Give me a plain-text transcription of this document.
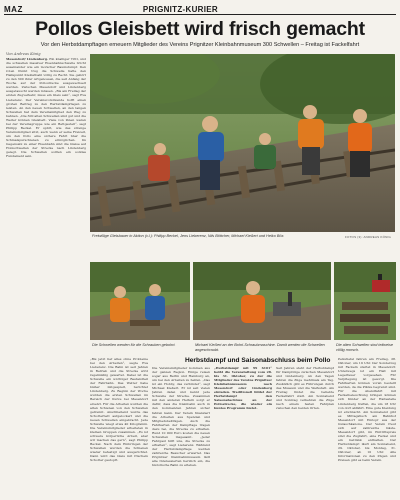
MAZ	PRIGNITZ-KURIER
Pollos Gleisbett wird frisch gemacht
Vor den Herbstdampftagen erneuern Mitglieder des Vereins Prignitzer Kleinbahnmuseum 300 Schwellen – Freitag ist Fackelfahrt
Von Andreas König
Mesendorf/ Lindenberg. Ein knalliger Tritt, und die schwellen massiver Eisenbahnschwelle bricht auseinander wie ein morscher Baumstumpf. Den roten Punkt trug die Schwelle hatte den Hallspunkt Kleinstbahl völlig zu Recht. Sie gehört zu den 300 ihrer Artgenossen, die seit Anfang der Woche auf der Pollostrecke ausgewechselt werden. Zwischen Mesendorf und Lindenberg ausgetauscht werden müssen. „Bis am Freitag der ersten Zugverkehr, muss ein Gleis sein“, sagt Eva Lieberenz. Der Vereinsvorsitzende hofft einen großen Beitrag zu den Herbstdampftagen zu leisten. An den neuen Schwellen, an den langen Schwellen hat dem Vereinsmitglied den Weg zu bahnen. „Die 300 alten Schwellen sind gut und die Weiter können Gleisbett. Viele von ihnen waren bei der Vereinsgruppe wie ein Bettgestell“, sagt Philipp Beckel. Er spürt, wie das strenge Vereinsmitglied sitzt, auch wenn er seine Freizeit, um den Pollo eine sichere Fahrt über die Schmalspurschienen zu ermöglichen. Im Gegensatz zu einer Eisenbahn sind die Gleise auf Holzschwellen der Strecke nach Lindenberg gelegt. Die Schwellen sollten ein solides Fundament sein.
Freiwillige Gleisbauer in Aktion (v.l.): Philipp Beckel, Jens Lieberenz, Nils Böttcher, Michael Kießert und Heiko Böx.	FOTOS (3): ANDREAS KÖNIG
Die Schwellen werden für die Schrauben gebohrt.	Michael Kießert an der Bohrl-Schraubmaschine. Damit werden die Schwellen angeschraubt.
Die alten Schwellen sind teilweise völlig morsch.
Herbstdampf und Saisonabschluss beim Pollo
„Bis jetzt lief alles ohne Probleme bei den Arbeiten“, sagte Eva Lieberenz. Die Bahn ist seit Jahren in Betrieb und die Strecke wird regelmäßig gewartet. Dabei ist die Schwelle ein wichtiger Bestandteil der Fahrbahn. Das Wetter habe bisher mitgespielt, berichtet Lindenberg. Zu Beginn der Woche wurden die ersten Schwellen im Bereich der Kurve bei Mesendorf ersetzt. Für die Arbeiten wurden die alten Schienen von den Schwellen getrennt. Anschließend wurde das Schotterbett aufgelockert und die neuen Schwellen eingebracht. Jede Schwelle wiegt etwa 40 Kilogramm. Die Vereinsmitglieder arbeiteten in kleinen Gruppen zusammen. „Es ist schwere körperliche Arbeit, aber wir machen das gern“, sagt Philipp Beckel. Nach dem Einbringen der Schwellen wurden die Schienen wieder befestigt und ausgerichtet. Dann wird das Gleis mit frischem Schotter gestopft.
Die Vereinsmitglieder kommen aus der ganzen Region. Einige reisen sogar aus Berlin und Hamburg an, um bei den Arbeiten zu helfen. „Das ist ein Hobby, das verbindet“, sagt Michael Kießert. Er ist seit vielen Jahren dabei und kennt jede Schwelle der Strecke. Zusammen mit den anderen Helfern sorgt er dafür, dass die Kleinbahn auch in den kommenden Jahren sicher fahren kann. Der Verein finanziert die Arbeiten aus Spenden und Mitgliedsbeiträgen. Auch die Fahrkarten der Dampftage tragen dazu bei, die Strecke zu erhalten. Rund 10 000 Euro kosten die neuen Schwellen insgesamt. „Jeder Fahrgast hilft uns, die Strecke zu erhalten“, sagt Lieberenz. Während der Herbstdampftage werden zahlreiche Besucher erwartet. Das Prignitzer Kleinbahnmuseum lädt alle Interessierten herzlich ein, die historische Bahn zu erleben.
„Herbstdampf mit 99 6101“ heißt die Veranstaltung vom 28. bis 31. Oktober, zu der die Mitglieder des Vereins Prignitzer Kleinbahnmuseum nach Mesendorf oder Lindenberg einladen. Traditionell bildet der Herbstdampf den Saisonabschluss an der Pollostrecke, die wieder ein buntes Programm bietet.
Seit Jahren steht der Herbstdampf für Dampfzüge zwischen Mesendorf und Lindenberg. An den Tagen fahren die Züge mehrmals am Tag. Zusätzlich gibt es Führungen durch das Museum und die Werkstatt. Am Freitag findet die beliebte Fackelfahrt statt. Am Sonnabend und Sonntag verkehren die Züge nach einem festen Fahrplan zwischen den beiden Orten.
Pelzstiefel fahren am Freitag, 28. Oktober, um 19 Uhr. Der Sonderzug mit Fackeln startet in Mesendorf. Unterwegs ist ein Halt mit Lagerfeuer vorgesehen. Für Verpflegung ist gesorgt. Die Fahrkarten können vorab bestellt werden, da die Plätze begrenzt sind. Für die Abendfahrt mit Fackelbeleuchtung bringen können sich Kinder an der Haltestelle Lindenberg treffen, die um 18 Uhr von dort abfährt. Eine gute Kleidung ist erwünscht. Am Sonnabend gibt es Mittagstisch am Bahnhof Mesendorf mit Eintopf aus der Gulaschkanone. Der Verein freut sich auf zahlreiche Gäste. Mesendorf gibt, im Eintrittspreis sind die Zugfahrt, eine Fackel und ein Getränk enthalten. Der Herbstdampf: läuft am Sonnabend, 29. Oktober, bis Montag, 31. Oktober, ab 10 Uhr. Alle Informationen zu den Zügen und Preisen gibt es beim Verein.
